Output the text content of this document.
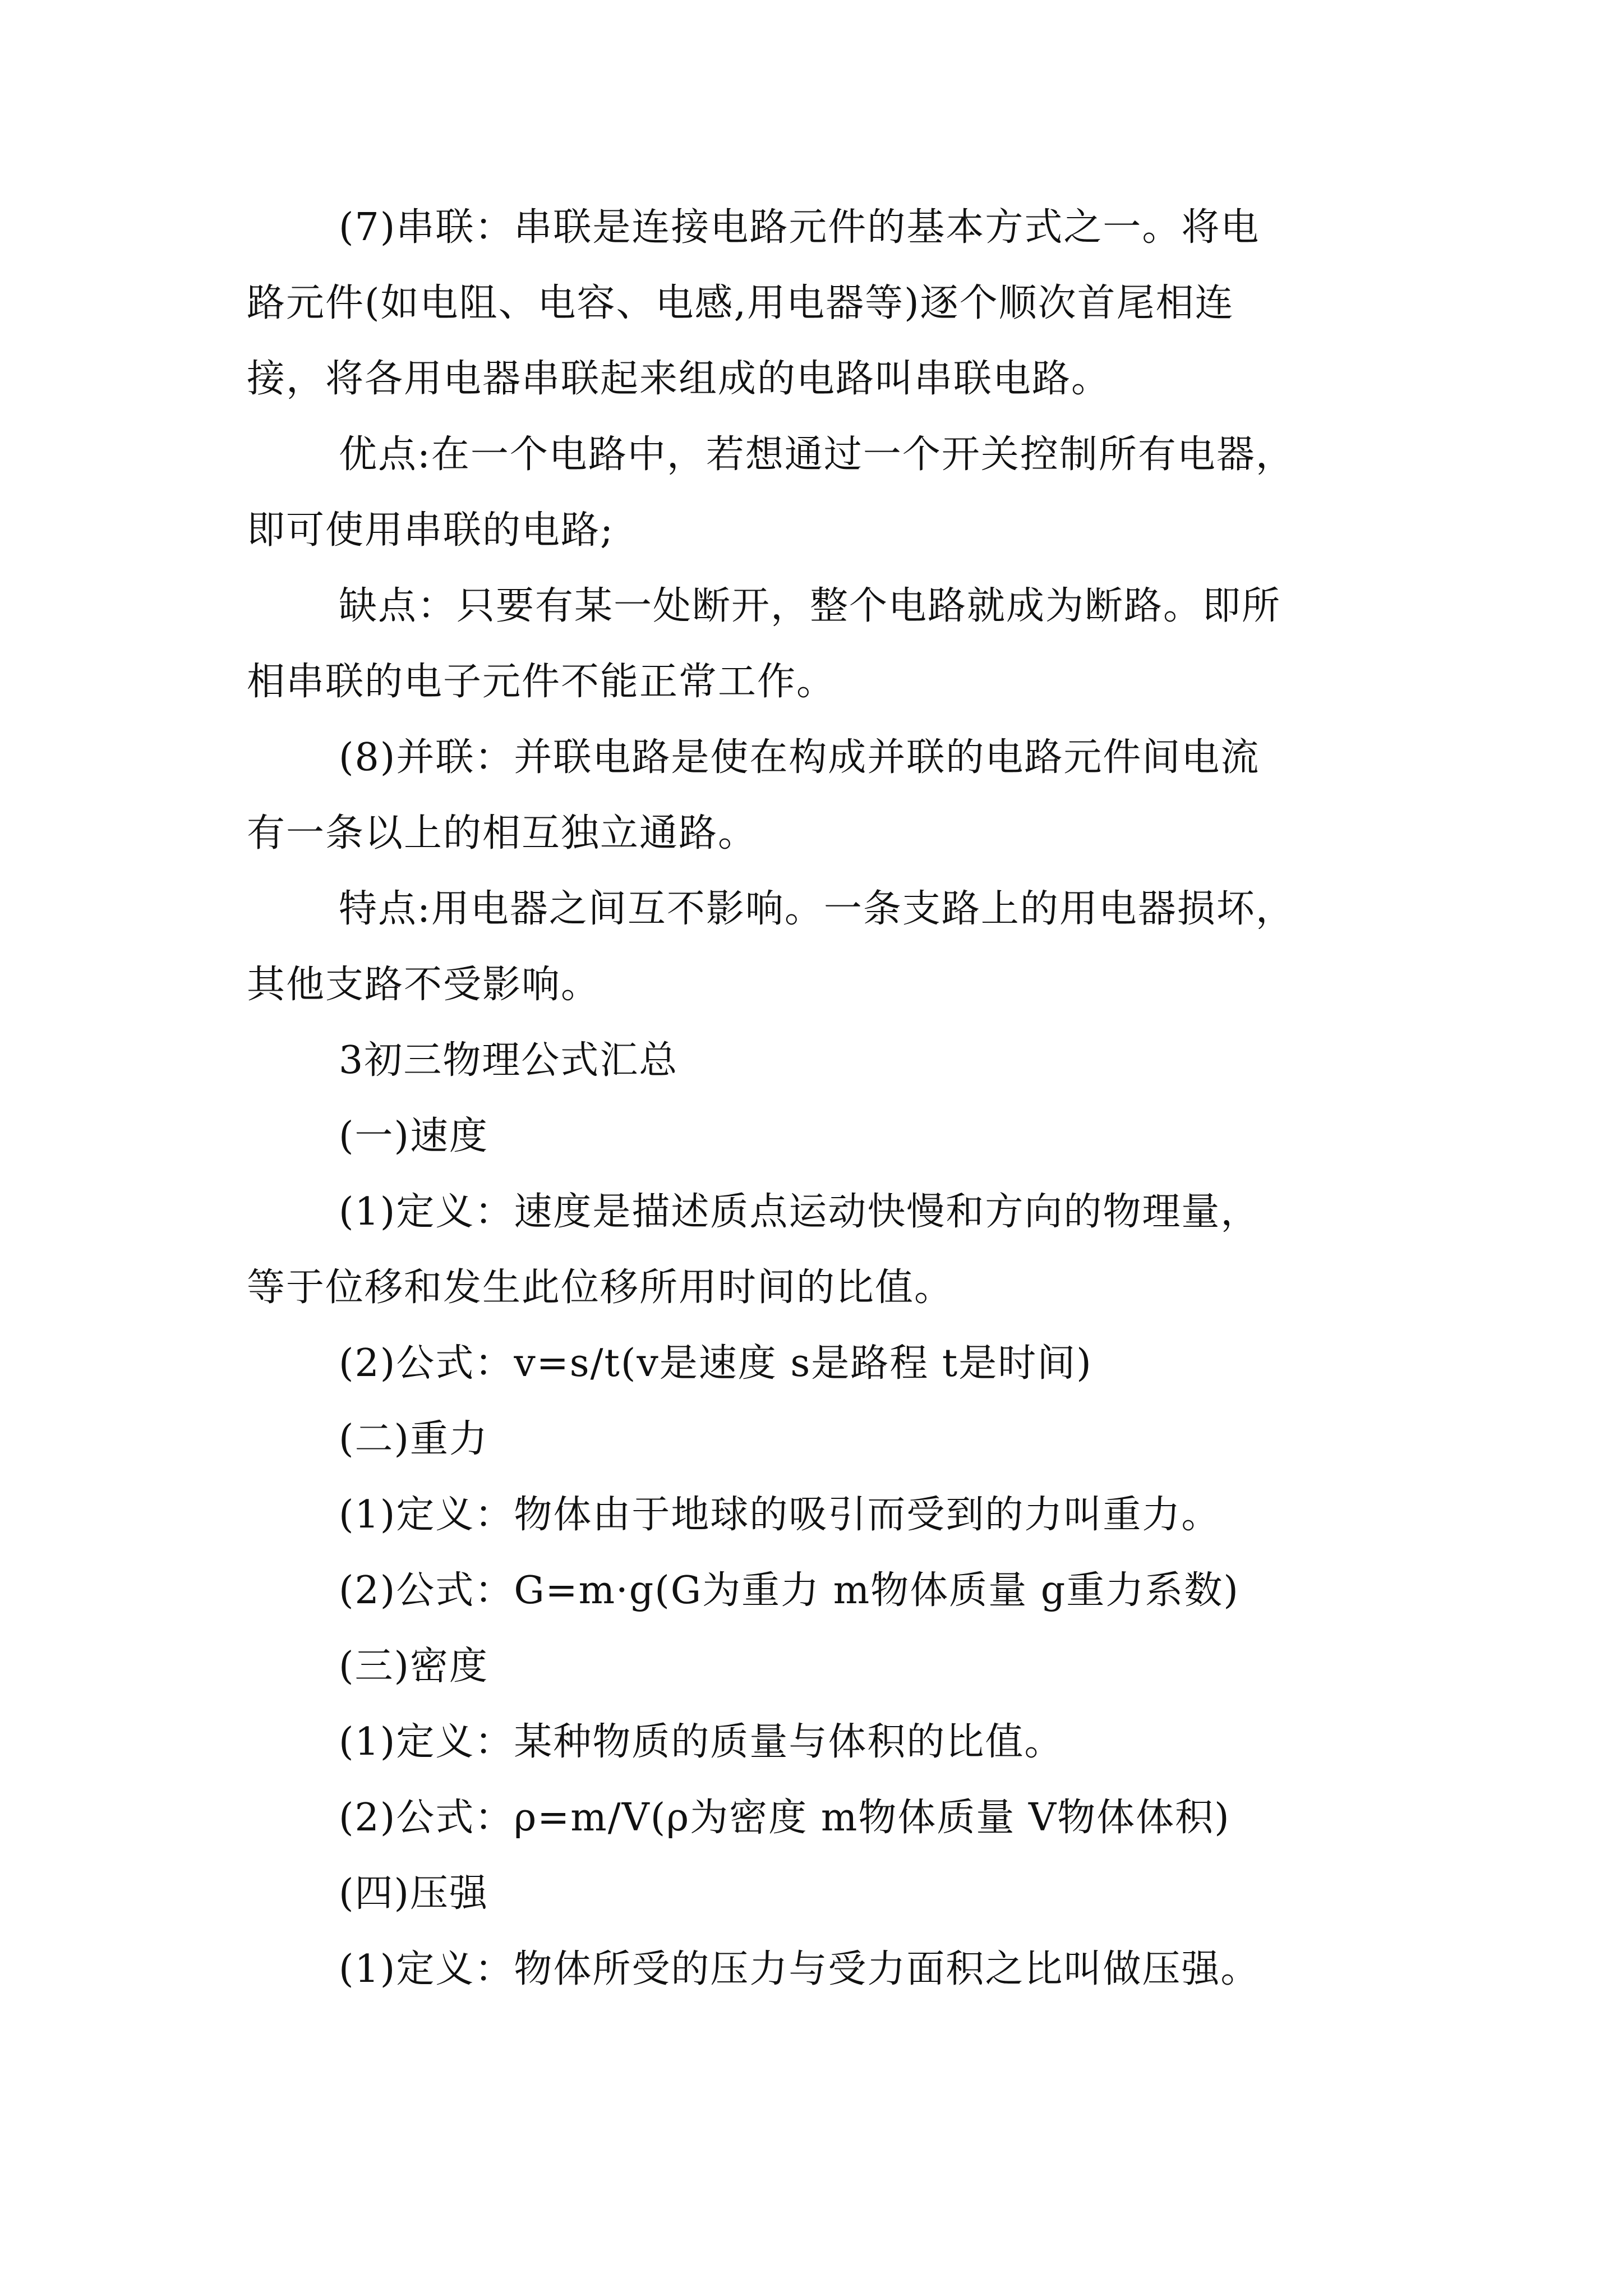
(7)串联：串联是连接电路元件的基本方式之一。将电
路元件(如电阻、电容、电感,用电器等)逐个顺次首尾相连
接，将各用电器串联起来组成的电路叫串联电路。
优点:在一个电路中，若想通过一个开关控制所有电器，
即可使用串联的电路;
缺点：只要有某一处断开，整个电路就成为断路。即所
相串联的电子元件不能正常工作。
(8)并联：并联电路是使在构成并联的电路元件间电流
有一条以上的相互独立通路。
特点:用电器之间互不影响。一条支路上的用电器损坏，
其他支路不受影响。
3初三物理公式汇总
(一)速度
(1)定义：速度是描述质点运动快慢和方向的物理量，
等于位移和发生此位移所用时间的比值。
(2)公式：v=s/t(v是速度 s是路程 t是时间)
(二)重力
(1)定义：物体由于地球的吸引而受到的力叫重力。
(2)公式：G=m·g(G为重力 m物体质量 g重力系数)
(三)密度
(1)定义：某种物质的质量与体积的比值。
(2)公式：ρ=m/V(ρ为密度 m物体质量 V物体体积)
(四)压强
(1)定义：物体所受的压力与受力面积之比叫做压强。
